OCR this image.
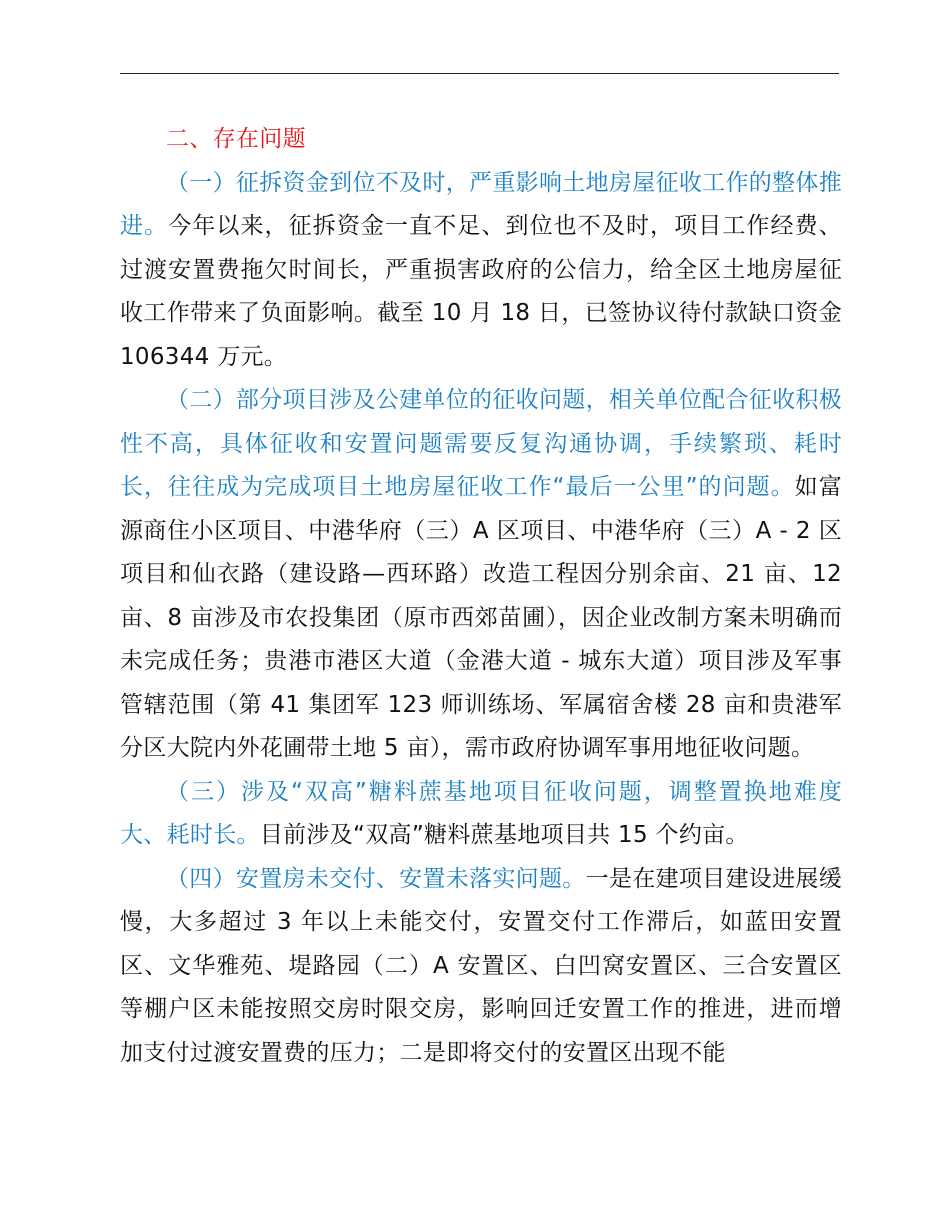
二、存在问题

（一）征拆资金到位不及时，严重影响土地房屋征收工作的整体推进。今年以来，征拆资金一直不足、到位也不及时，项目工作经费、过渡安置费拖欠时间长，严重损害政府的公信力，给全区土地房屋征收工作带来了负面影响。截至 10 月 18 日，已签协议待付款缺口资金 106344 万元。

（二）部分项目涉及公建单位的征收问题，相关单位配合征收积极性不高，具体征收和安置问题需要反复沟通协调，手续繁琐、耗时长，往往成为完成项目土地房屋征收工作“最后一公里”的问题。如富源商住小区项目、中港华府（三）A 区项目、中港华府（三）A - 2 区项目和仙衣路（建设路—西环路）改造工程因分别余亩、21 亩、12 亩、8 亩涉及市农投集团（原市西郊苗圃），因企业改制方案未明确而未完成任务；贵港市港区大道（金港大道 - 城东大道）项目涉及军事管辖范围（第 41 集团军 123 师训练场、军属宿舍楼 28 亩和贵港军分区大院内外花圃带土地 5 亩），需市政府协调军事用地征收问题。

（三）涉及“双高”糖料蔗基地项目征收问题，调整置换地难度大、耗时长。目前涉及“双高”糖料蔗基地项目共 15 个约亩。

（四）安置房未交付、安置未落实问题。一是在建项目建设进展缓慢，大多超过 3 年以上未能交付，安置交付工作滞后，如蓝田安置区、文华雅苑、堤路园（二）A 安置区、白凹窝安置区、三合安置区等棚户区未能按照交房时限交房，影响回迁安置工作的推进，进而增加支付过渡安置费的压力；二是即将交付的安置区出现不能
